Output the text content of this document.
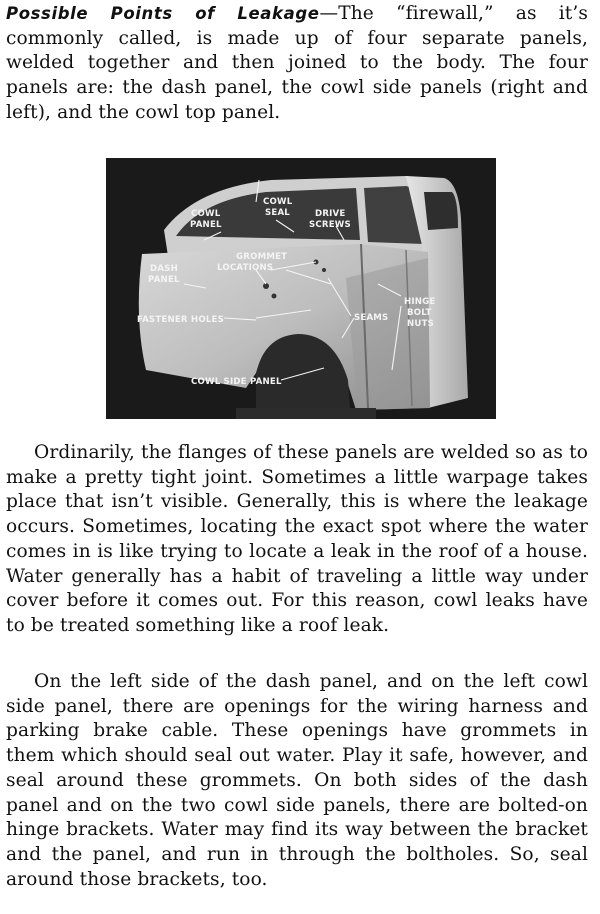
Possible Points of Leakage—The “firewall,” as it’s commonly called, is made up of four separate panels, welded together and then joined to the body. The four panels are: the dash panel, the cowl side panels (right and left), and the cowl top panel.

COWL
PANEL
COWL
SEAL	DRIVE
SCREWS
GROMMET
LOCATIONS
DASH
PANEL
FASTENER HOLES	SEAMS
HINGE
BOLT
NUTS
COWL SIDE PANEL

Ordinarily, the flanges of these panels are welded so as to make a pretty tight joint. Sometimes a little warpage takes place that isn’t visible. Generally, this is where the leakage occurs. Sometimes, locating the exact spot where the water comes in is like trying to locate a leak in the roof of a house. Water generally has a habit of traveling a little way under cover before it comes out. For this reason, cowl leaks have to be treated something like a roof leak.

On the left side of the dash panel, and on the left cowl side panel, there are openings for the wiring harness and parking brake cable. These openings have grommets in them which should seal out water. Play it safe, however, and seal around these grommets. On both sides of the dash panel and on the two cowl side panels, there are bolted-on hinge brackets. Water may find its way between the bracket and the panel, and run in through the boltholes. So, seal around those brackets, too.
